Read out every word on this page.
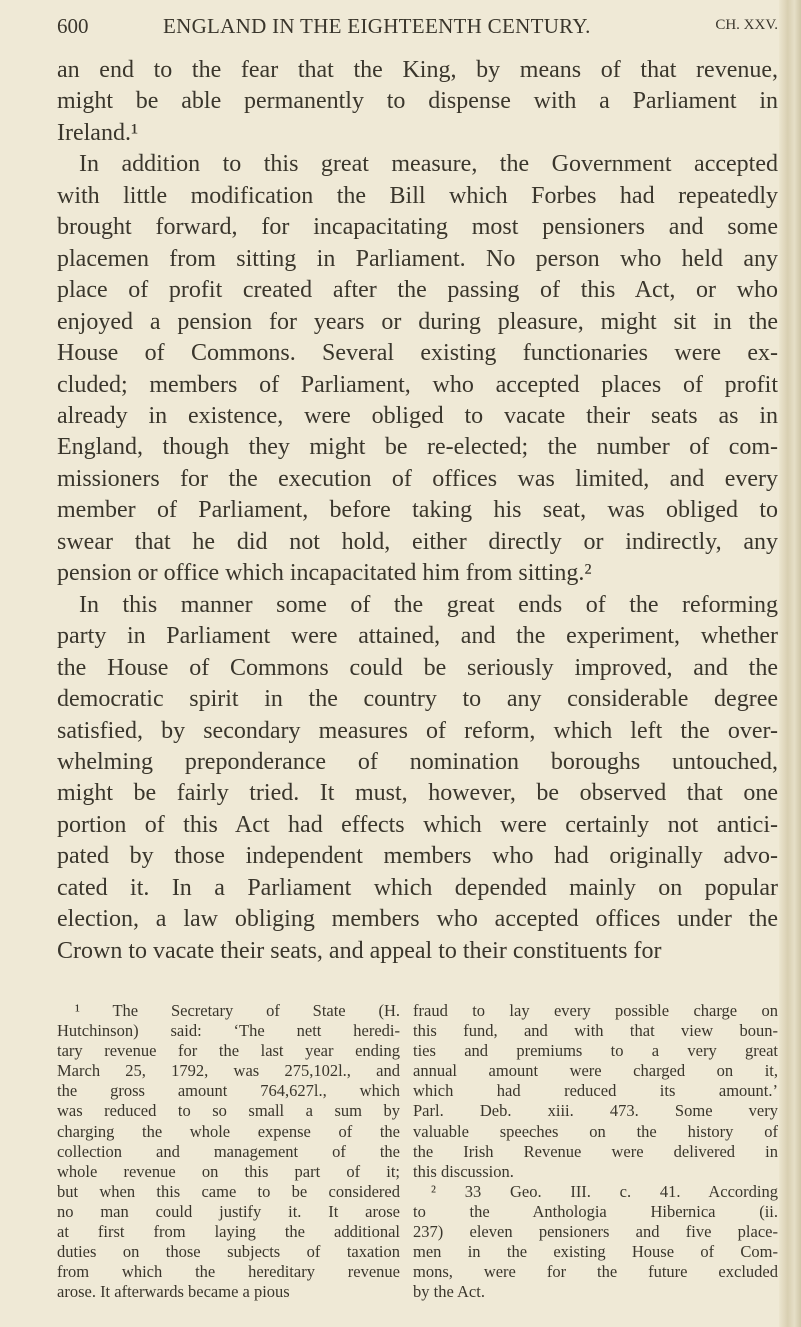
600	ENGLAND IN THE EIGHTEENTH CENTURY.	CH. XXV.
an end to the fear that the King, by means of that revenue,
might be able permanently to dispense with a Parliament in
Ireland.¹
In addition to this great measure, the Government accepted
with little modification the Bill which Forbes had repeatedly
brought forward, for incapacitating most pensioners and some
placemen from sitting in Parliament. No person who held any
place of profit created after the passing of this Act, or who
enjoyed a pension for years or during pleasure, might sit in the
House of Commons. Several existing functionaries were ex-
cluded; members of Parliament, who accepted places of profit
already in existence, were obliged to vacate their seats as in
England, though they might be re-elected; the number of com-
missioners for the execution of offices was limited, and every
member of Parliament, before taking his seat, was obliged to
swear that he did not hold, either directly or indirectly, any
pension or office which incapacitated him from sitting.²
In this manner some of the great ends of the reforming
party in Parliament were attained, and the experiment, whether
the House of Commons could be seriously improved, and the
democratic spirit in the country to any considerable degree
satisfied, by secondary measures of reform, which left the over-
whelming preponderance of nomination boroughs untouched,
might be fairly tried. It must, however, be observed that one
portion of this Act had effects which were certainly not antici-
pated by those independent members who had originally advo-
cated it. In a Parliament which depended mainly on popular
election, a law obliging members who accepted offices under the
Crown to vacate their seats, and appeal to their constituents for
¹ The Secretary of State (H.
Hutchinson) said: ‘The nett heredi-
tary revenue for the last year ending
March 25, 1792, was 275,102l., and
the gross amount 764,627l., which
was reduced to so small a sum by
charging the whole expense of the
collection and management of the
whole revenue on this part of it;
but when this came to be considered
no man could justify it. It arose
at first from laying the additional
duties on those subjects of taxation
from which the hereditary revenue
arose. It afterwards became a pious
fraud to lay every possible charge on
this fund, and with that view boun-
ties and premiums to a very great
annual amount were charged on it,
which had reduced its amount.’
Parl. Deb. xiii. 473. Some very
valuable speeches on the history of
the Irish Revenue were delivered in
this discussion.
² 33 Geo. III. c. 41. According
to the Anthologia Hibernica (ii.
237) eleven pensioners and five place-
men in the existing House of Com-
mons, were for the future excluded
by the Act.
